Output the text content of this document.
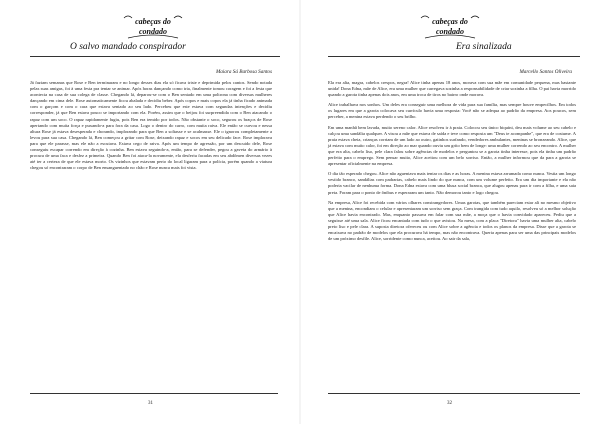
cabeças do
condado
O salvo mandado conspirador
Maiara Sá Barbosa Santos

Já faziam semanas que Rose e Ben terminaram e no longo desses dias ela só ficava triste e deprimida pelos cantos. Sendo notada pelas suas amigas, foi à uma festa pra tentar se animar. Após horas dançando como tria, finalmente tomou coragem e foi a festa que acontecia na casa de sua colega de classe. Chegando lá, deparou-se com o Ben sentado em uma poltrona com diversas mulheres dançando em cima dele. Rose automaticamente ficou abalada e decidiu beber. Após copos e mais copos ela já tinha ficado animada com o garçom e com o cara que estava sentado ao seu lado. Percebeu que este estava com segundas intenções e decidiu corresponder, já que Ben estava pouco se importando com ela. Porém, assim que o beijou foi surpreendida com o Ben atacando o rapaz com um soco. O rapaz rapidamente fugiu, pois Ben era temido por todos. Não obstante o soco, segurou os braços de Rose apertando com muita força e puxando-a para fora da casa. Logo o dentro do carro, com muita raiva. Ele então se curvou e nessa altura Rose já estava desesperada e chorando, implorando para que Ben a soltasse e se acalmasse. Ele o ignorou completamente a levou para sua casa. Chegando lá, Ben começou a gritar com Rose, deixando rapaz e socos em seu delicado face. Rose implorava para que ele parasse, mas ele não a escutava. Estava cego de raiva. Após um tempo de agressão, por um descuido dele, Rose conseguiu escapar correndo em direção à cozinha. Ben estava seguindo-a, então, para se defender, pegou a gaveta do armário à procura de uma faca e desfez a primeira. Quando Ben foi ataca-la novamente, ela desferiu facadas em seu abdômen diversas vezes até ter a certeza de que ele estava morto. Os vizinhos que estavam perto do local ligaram para a polícia, porém quando a viatura chegou só encontraram o corpo de Ben ensanguentado no chão e Rose nunca mais foi vista.

31
cabeças do
condado
Era sinalizada
Marcello Santos Oliveira

Ela era alta, magra, cabelos crespos, negra! Alice tinha apenas 18 anos, morava com sua mãe em comunidade pequena, mas bastante unida! Dona Edna, mãe de Alice, era uma mulher que carregava sozinha a responsabilidade de criar sozinha a filha. O pai havia morrido quando a garota tinha apenas dois anos, em uma troca de tiros no bairro onde morava.

Alice trabalhava nos sonhos. Um deles era conseguir uma melhora de vida para sua família, mas sempre houve empecilhos. Em todos os lugares em que a garota colocava seu currículo havia uma resposta: Você não se adequa ao padrão da empresa. Aos poucos, sem perceber, a menina estava perdendo o seu brilho.

Em uma manhã bem lavada, muito sereno calor. Alice resolveu ir à praia. Colocou seu único biquíni, deu mais volume ao seu cabelo e calçou uma sandália qualquer. A visou a mãe que estava de saída e teve como resposta um "Deus te acompanhe", que era de costume. A praia estava cheia, crianças corriam de um lado ao outro, gatinhos surfando, vendedores ambulantes, meninas se bronzeando. Alice, que já estava com muito calor, foi em direção ao mar quando ouviu um grito bem de longe: uma mulher correndo ao seu encontro. A mulher que era alta, cabelo liso, pele clara falou sobre agências de modelos e perguntou se a garota tinha interesse, pois ela tinha um padrão perfeito para o emprego. Sem pensar muito, Alice aceitou com um belo sorriso. Então, a mulher informou que da para a garota se apresentar oficialmente na empresa.

O dia tão esperado chegou. Alice não aguentava mais tentar os dias e as horas. A menina estava arrumada como nunca. Vestia um longo vestido branco, sandálias com padrarias, cabelo mais lindo do que nunca, com um volume perfeito. Era um dia importante e ela não poderia vacilar de nenhuma forma. Dona Edna estava com uma blusa social branca, que alugou apenas para ir com a filha, e uma saia preta. Foram para o ponto de ônibus e esperaram um tanto. Não demorou tanto e logo chegou.

Na empresa, Alice foi recebida com vários olhares constrangedores. Umas garotas, que também pareciam estar ali no mesmo objetivo que a menina, encondiam o celular e apresentaram um sorriso sem graça. Com trangida com tudo aquilo, resolveu só a melhor solução que Alice havia encontrado. Mas, enquanto passava em falar com sua mãe, a moça que o havia convidado apareceu. Pediu que a seguisse até uma sala. Alice ficou encantada com tudo o que avistou. Na mesa, com a placa "Diretora" havia uma mulher alta, cabelo preto liso e pele clara. A suposta diretora ofereceu ou com Alice sobre a agência e todos os planos da empresa. Disse que a garota se encaixava no padrão de modelos que ela procurava há tempo, mas não encontrava. Queria apenas para ser uma das principais modelos de um próximo desfile. Alice, sorridente como nunca, aceitou. Ao sair da sala,

32
